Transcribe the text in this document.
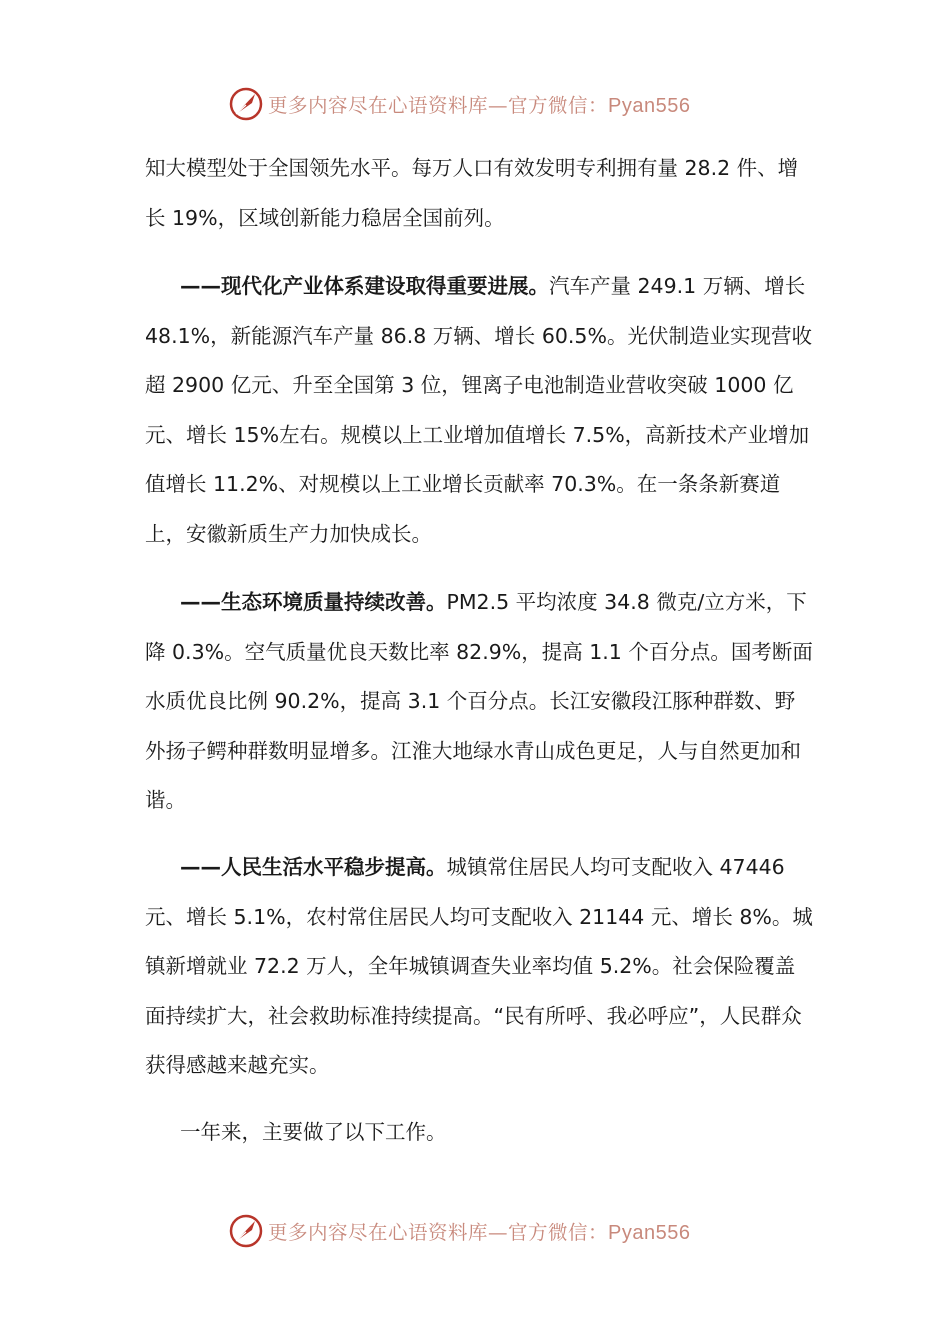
更多内容尽在心语资料库—官方微信：Pyan556

知大模型处于全国领先水平。每万人口有效发明专利拥有量 28.2 件、增长 19%，区域创新能力稳居全国前列。

——现代化产业体系建设取得重要进展。汽车产量 249.1 万辆、增长 48.1%，新能源汽车产量 86.8 万辆、增长 60.5%。光伏制造业实现营收超 2900 亿元、升至全国第 3 位，锂离子电池制造业营收突破 1000 亿元、增长 15%左右。规模以上工业增加值增长 7.5%，高新技术产业增加值增长 11.2%、对规模以上工业增长贡献率 70.3%。在一条条新赛道上，安徽新质生产力加快成长。

——生态环境质量持续改善。PM2.5 平均浓度 34.8 微克/立方米，下降 0.3%。空气质量优良天数比率 82.9%，提高 1.1 个百分点。国考断面水质优良比例 90.2%，提高 3.1 个百分点。长江安徽段江豚种群数、野外扬子鳄种群数明显增多。江淮大地绿水青山成色更足，人与自然更加和谐。

——人民生活水平稳步提高。城镇常住居民人均可支配收入 47446 元、增长 5.1%，农村常住居民人均可支配收入 21144 元、增长 8%。城镇新增就业 72.2 万人，全年城镇调查失业率均值 5.2%。社会保险覆盖面持续扩大，社会救助标准持续提高。“民有所呼、我必呼应”，人民群众获得感越来越充实。

一年来，主要做了以下工作。

更多内容尽在心语资料库—官方微信：Pyan556
